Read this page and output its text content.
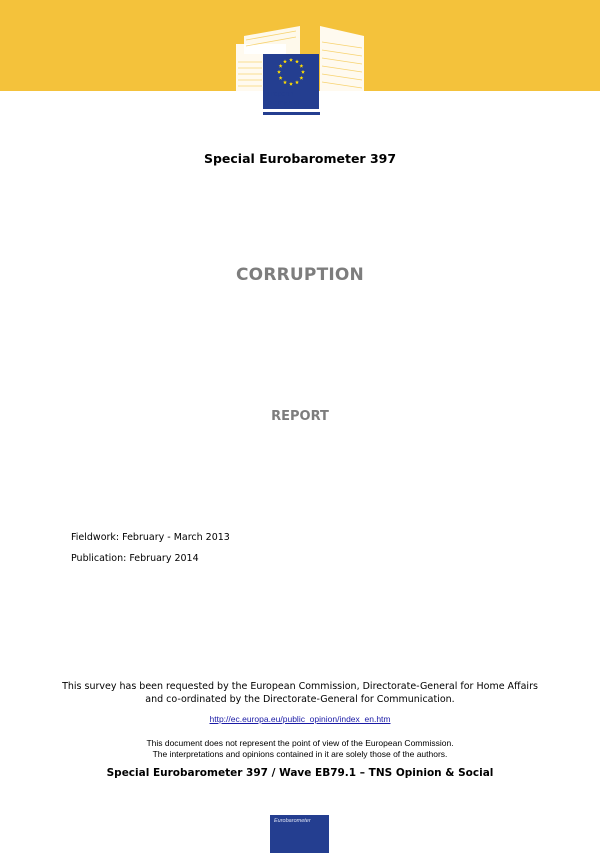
European
Commission
Special Eurobarometer 397
CORRUPTION
REPORT
Fieldwork: February - March 2013
Publication: February 2014
This survey has been requested by the European Commission, Directorate-General for Home Affairs
and co-ordinated by the Directorate-General for Communication.
http://ec.europa.eu/public_opinion/index_en.htm
This document does not represent the point of view of the European Commission.
The interpretations and opinions contained in it are solely those of the authors.
Special Eurobarometer 397 / Wave EB79.1 – TNS Opinion & Social
Eurobarometer
